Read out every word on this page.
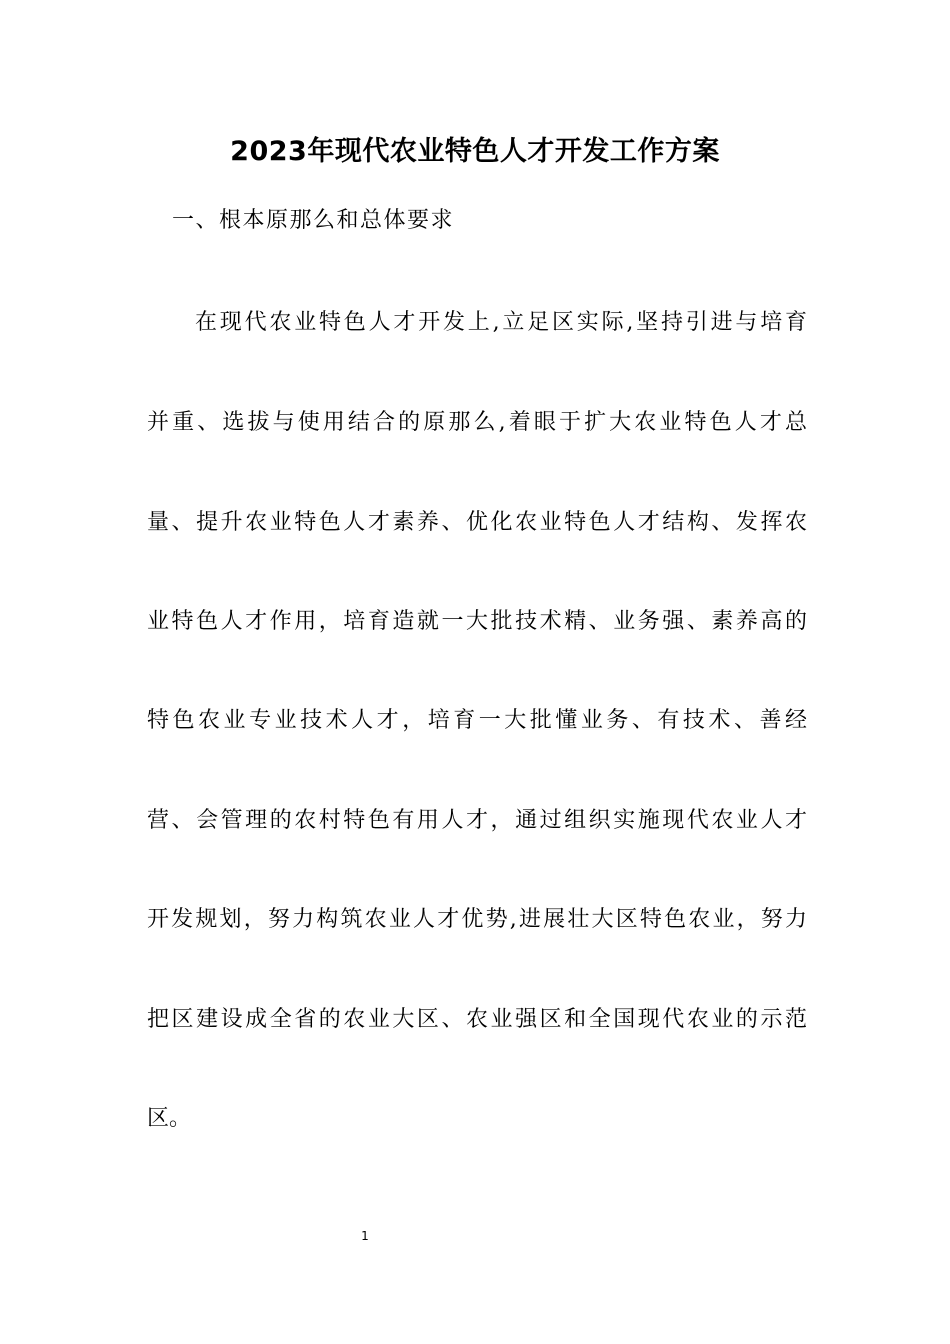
2023年现代农业特色人才开发工作方案

一、根本原那么和总体要求

在现代农业特色人才开发上,立足区实际,坚持引进与培育

并重、选拔与使用结合的原那么,着眼于扩大农业特色人才总

量、提升农业特色人才素养、优化农业特色人才结构、发挥农

业特色人才作用，培育造就一大批技术精、业务强、素养高的

特色农业专业技术人才，培育一大批懂业务、有技术、善经

营、会管理的农村特色有用人才，通过组织实施现代农业人才

开发规划，努力构筑农业人才优势,进展壮大区特色农业，努力

把区建设成全省的农业大区、农业强区和全国现代农业的示范

区。

1
